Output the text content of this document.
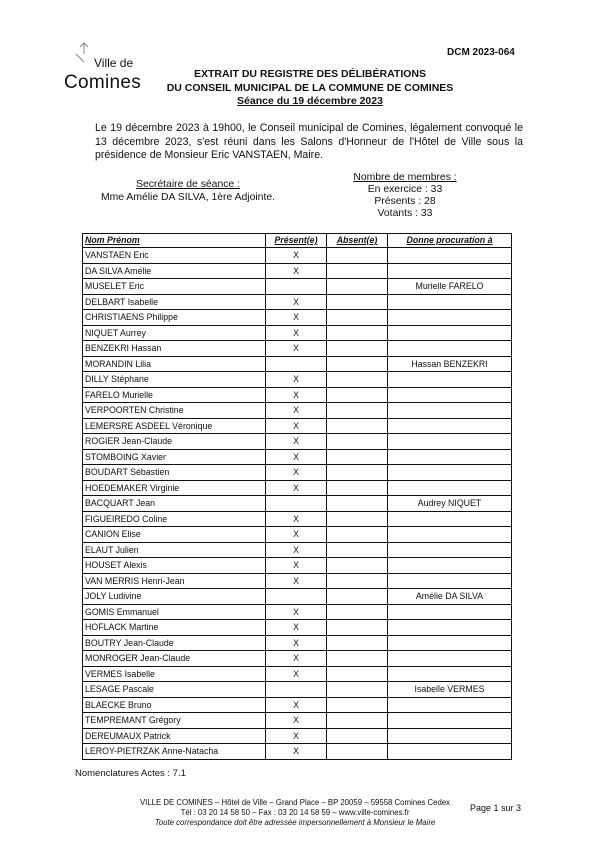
Ville de
Comines
DCM 2023-064
EXTRAIT DU REGISTRE DES DÉLIBÉRATIONS
DU CONSEIL MUNICIPAL DE LA COMMUNE DE COMINES
Séance du 19 décembre 2023
Le 19 décembre 2023 à 19h00, le Conseil municipal de Comines, légalement convoqué le 13 décembre 2023, s'est réuni dans les Salons d'Honneur de l'Hôtel de Ville sous la présidence de Monsieur Eric VANSTAEN, Maire.
Secrétaire de séance :
Mme Amélie DA SILVA, 1ère Adjointe.
Nombre de membres :
En exercice : 33
Présents : 28
Votants : 33
Nom Prénom	Présent(e)	Absent(e)	Donne procuration à
VANSTAEN Eric	X		
DA SILVA Amélie	X		
MUSELET Eric			Murielle FARELO
DELBART Isabelle	X		
CHRISTIAENS Philippe	X		
NIQUET Aurrey	X		
BENZEKRI Hassan	X		
MORANDIN Lilia			Hassan BENZEKRI
DILLY Stéphane	X		
FARELO Murielle	X		
VERPOORTEN Christine	X		
LEMERSRE ASDEEL Véronique	X		
ROGIER Jean-Claude	X		
STOMBOING Xavier	X		
BOUDART Sébastien	X		
HOEDEMAKER Virginie	X		
BACQUART Jean			Audrey NIQUET
FIGUEIREDO Coline	X		
CANION Elise	X		
ELAUT Julien	X		
HOUSET Alexis	X		
VAN MERRIS Henri-Jean	X		
JOLY Ludivine			Amélie DA SILVA
GOMIS Emmanuel	X		
HOFLACK Martine	X		
BOUTRY Jean-Claude	X		
MONROGER Jean-Claude	X		
VERMES Isabelle	X		
LESAGE Pascale			Isabelle VERMES
BLAECKE Bruno	X		
TEMPREMANT Grégory	X		
DEREUMAUX Patrick	X		
LEROY-PIETRZAK Anne-Natacha	X		
Nomenclatures Actes : 7.1
VILLE DE COMINES – Hôtel de Ville – Grand Place – BP 20059 – 59558 Comines Cedex
Tél : 03 20 14 58 50 – Fax : 03 20 14 58 59 – www.ville-comines.fr
Toute correspondance doit être adressée impersonnellement à Monsieur le Maire
Page 1 sur 3
